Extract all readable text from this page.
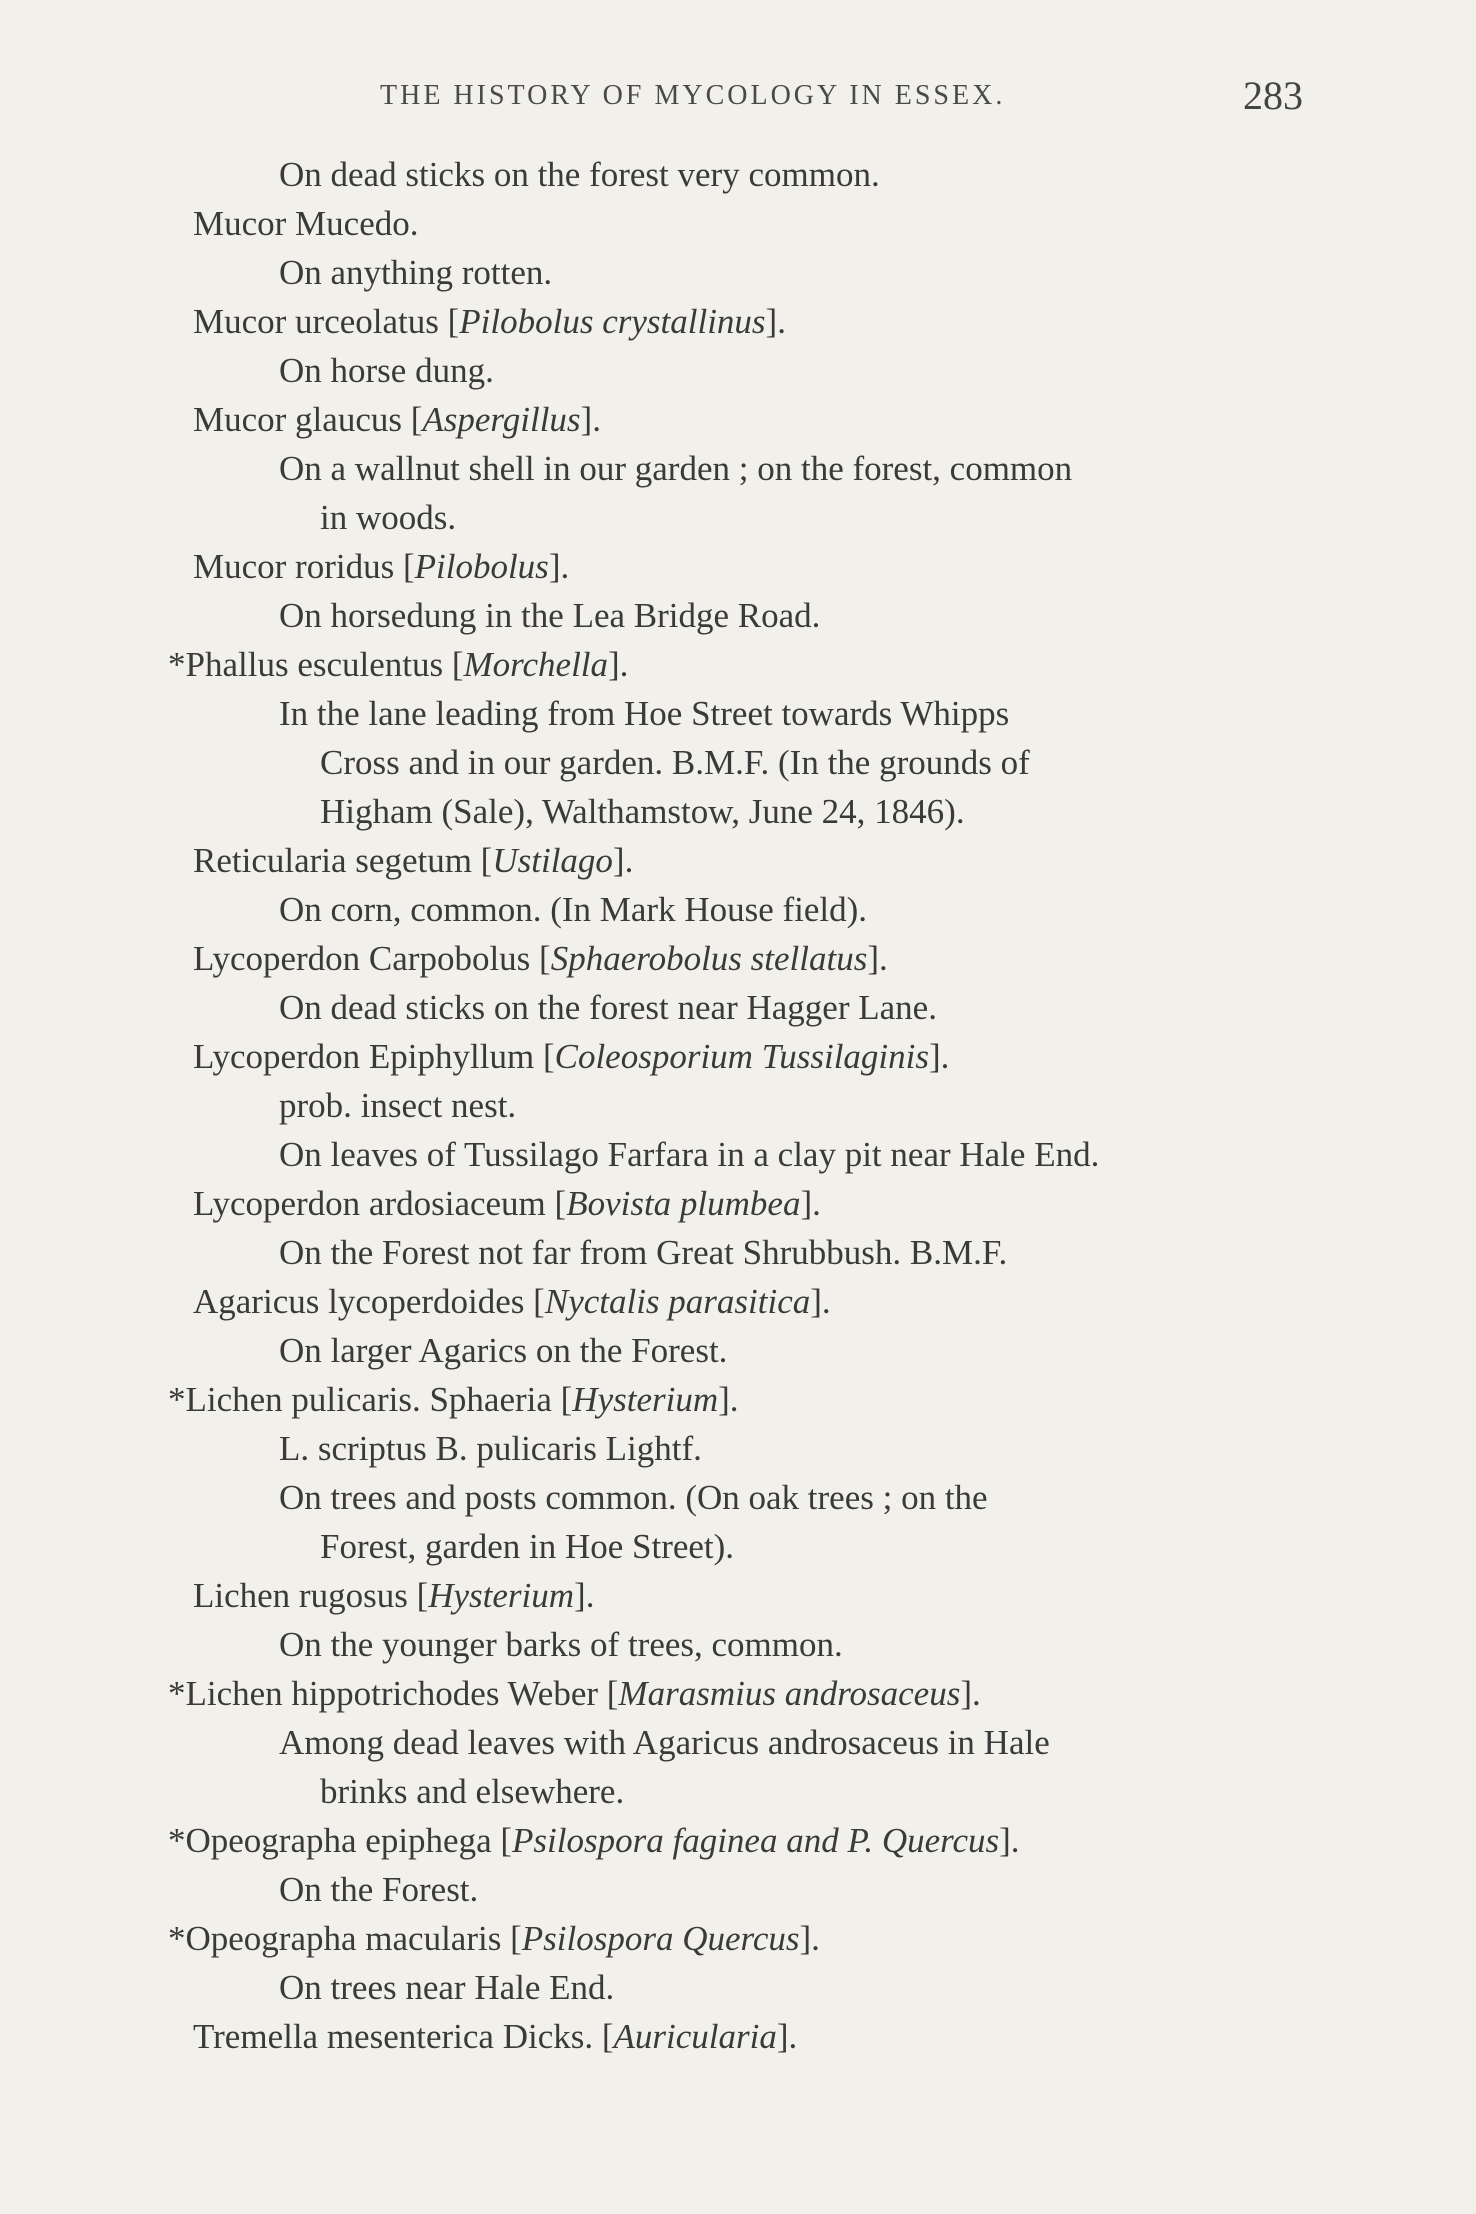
THE HISTORY OF MYCOLOGY IN ESSEX.	283
On dead sticks on the forest very common.
Mucor Mucedo.
On anything rotten.
Mucor urceolatus [Pilobolus crystallinus].
On horse dung.
Mucor glaucus [Aspergillus].
On a wallnut shell in our garden ; on the forest, common
in woods.
Mucor roridus [Pilobolus].
On horsedung in the Lea Bridge Road.
*Phallus esculentus [Morchella].
In the lane leading from Hoe Street towards Whipps
Cross and in our garden. B.M.F. (In the grounds of
Higham (Sale), Walthamstow, June 24, 1846).
Reticularia segetum [Ustilago].
On corn, common. (In Mark House field).
Lycoperdon Carpobolus [Sphaerobolus stellatus].
On dead sticks on the forest near Hagger Lane.
Lycoperdon Epiphyllum [Coleosporium Tussilaginis].
prob. insect nest.
On leaves of Tussilago Farfara in a clay pit near Hale End.
Lycoperdon ardosiaceum [Bovista plumbea].
On the Forest not far from Great Shrubbush. B.M.F.
Agaricus lycoperdoides [Nyctalis parasitica].
On larger Agarics on the Forest.
*Lichen pulicaris. Sphaeria [Hysterium].
L. scriptus B. pulicaris Lightf.
On trees and posts common. (On oak trees ; on the
Forest, garden in Hoe Street).
Lichen rugosus [Hysterium].
On the younger barks of trees, common.
*Lichen hippotrichodes Weber [Marasmius androsaceus].
Among dead leaves with Agaricus androsaceus in Hale
brinks and elsewhere.
*Opeographa epiphega [Psilospora faginea and P. Quercus].
On the Forest.
*Opeographa macularis [Psilospora Quercus].
On trees near Hale End.
Tremella mesenterica Dicks. [Auricularia].
